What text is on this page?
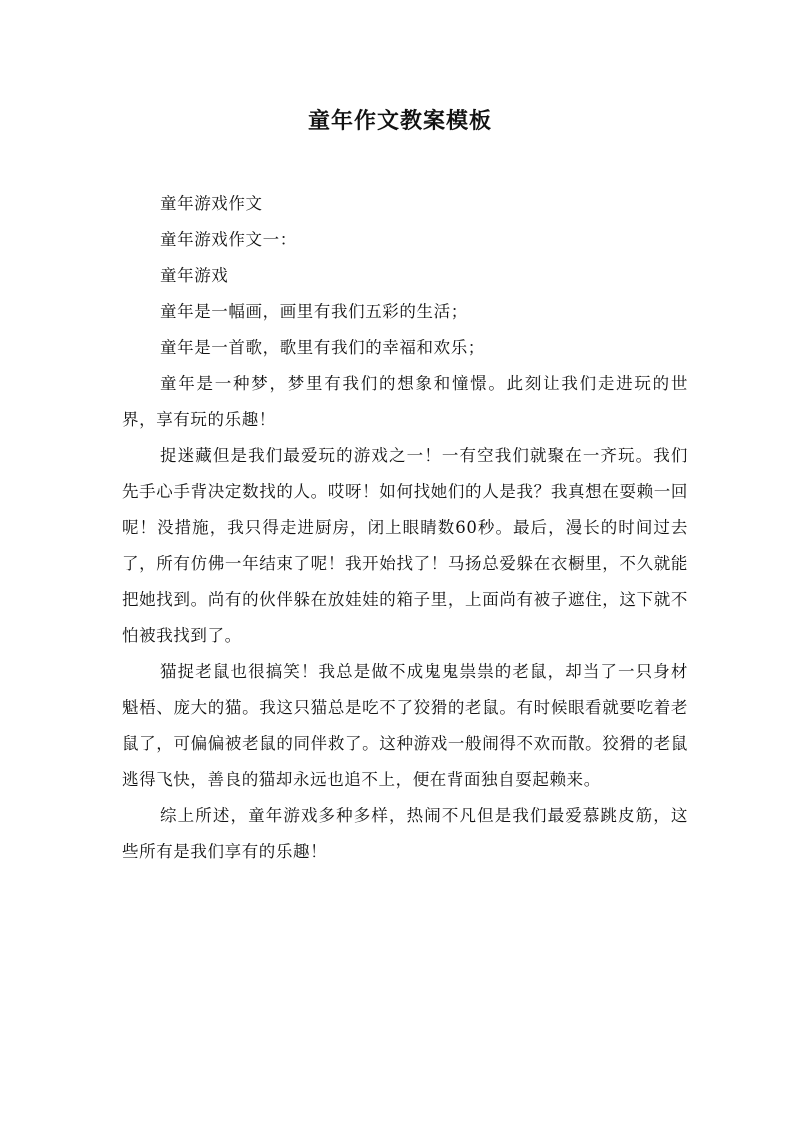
童年作文教案模板

童年游戏作文

童年游戏作文一：

童年游戏

童年是一幅画，画里有我们五彩的生活；

童年是一首歌，歌里有我们的幸福和欢乐；

童年是一种梦，梦里有我们的想象和憧憬。此刻让我们走进玩的世界，享有玩的乐趣！

捉迷藏但是我们最爱玩的游戏之一！一有空我们就聚在一齐玩。我们先手心手背决定数找的人。哎呀！如何找她们的人是我？我真想在耍赖一回呢！没措施，我只得走进厨房，闭上眼睛数60秒。最后，漫长的时间过去了，所有仿佛一年结束了呢！我开始找了！马扬总爱躲在衣橱里，不久就能把她找到。尚有的伙伴躲在放娃娃的箱子里，上面尚有被子遮住，这下就不怕被我找到了。

猫捉老鼠也很搞笑！我总是做不成鬼鬼祟祟的老鼠，却当了一只身材魁梧、庞大的猫。我这只猫总是吃不了狡猾的老鼠。有时候眼看就要吃着老鼠了，可偏偏被老鼠的同伴救了。这种游戏一般闹得不欢而散。狡猾的老鼠逃得飞快，善良的猫却永远也追不上，便在背面独自耍起赖来。

综上所述，童年游戏多种多样，热闹不凡但是我们最爱慕跳皮筋，这些所有是我们享有的乐趣！
